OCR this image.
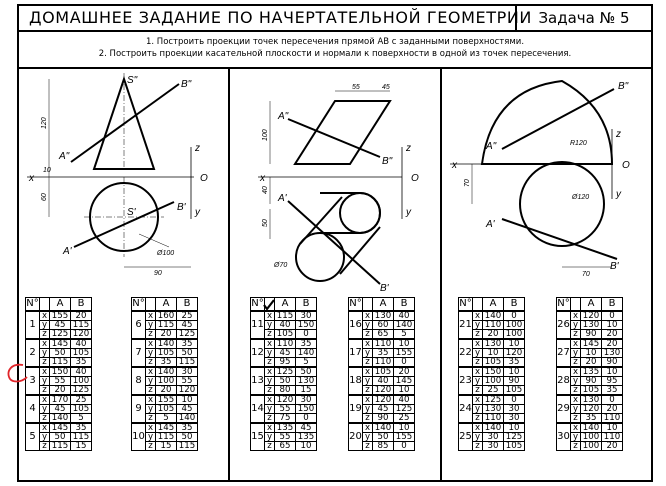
ДОМАШНЕЕ ЗАДАНИЕ ПО НАЧЕРТАТЕЛЬНОЙ ГЕОМЕТРИИ Задача № 5
1. Построить проекции точек пересечения прямой АВ с заданными поверхностями.
2. Построить проекции касательной плоскости и нормали к поверхности в одной из точек пересечения.
x
z
y
O
S"	B"
A"
S'	B'
A'
120
10
60
Ø100
90
N°		A	B
1	x	155	20
	y	45	115
	z	125	120
2	x	145	40
	y	50	105
	z	115	35
3	x	150	40
	y	55	100
	z	20	125
4	x	170	25
	y	45	105
	z	140	5
5	x	145	35
	y	50	115
	z	115	15
N°		A	B
6	x	160	25
	y	115	45
	z	20	125
7	x	140	35
	y	105	50
	z	35	115
8	x	140	30
	y	100	55
	z	20	120
9	x	155	10
	y	105	45
	z	5	140
10	x	145	35
	y	115	50
	z	15	115
x
z
y
O
A"
B"
A'
B'
55	45
100
40
50
Ø70
N°		A	B
11	x	115	30
	y	40	150
	z	105	0
12	x	110	35
	y	45	140
	z	95	5
13	x	125	50
	y	50	130
	z	80	15
14	x	120	30
	y	55	150
	z	75	0
15	x	135	45
	y	55	135
	z	65	10
N°		A	B
16	x	130	40
	y	60	140
	z	65	5
17	x	110	10
	y	35	155
	z	110	0
18	x	105	20
	y	40	145
	z	120	10
19	x	120	40
	y	45	125
	z	90	25
20	x	140	10
	y	50	155
	z	85	0
x
z
y
O
B"
A"	R120
A'
B'
Ø120
70
70
N°		A	B
21	x	140	0
	y	110	100
	z	20	100
22	x	130	10
	y	10	120
	z	105	35
23	x	150	10
	y	100	90
	z	25	105
24	x	125	0
	y	130	30
	z	110	30
25	x	140	10
	y	30	125
	z	30	105
N°		A	B
26	x	120	0
	y	130	10
	z	90	20
27	x	145	20
	y	10	130
	z	20	90
28	x	135	10
	y	90	95
	z	105	35
29	x	130	0
	y	120	20
	z	35	110
30	x	140	10
	y	100	110
	z	100	20
